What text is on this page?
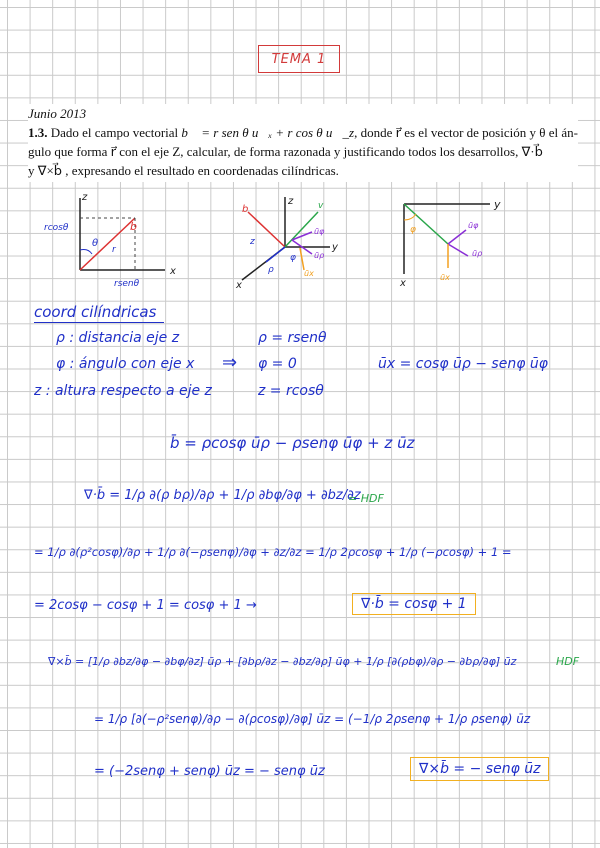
TEMA 1
Junio 2013
1.3. Dado el campo vectorial b⃗ = r sen θ u⃗ₓ + r cos θ u⃗_z, donde r⃗ es el vector de posición y θ el án-
gulo que forma r⃗ con el eje Z, calcular, de forma razonada y justificando todos los desarrollos, ∇·b⃗
y ∇×b⃗ , expresando el resultado en coordenadas cilíndricas.
z
x
rcosθ
rsenθ
b
θ
r
z
y
x
b
z
v
ρ
φ
ūφ
ūρ
ūx
y
x
φ	ūφ
ūρ
ūx
coord cilíndricas
ρ : distancia eje z
φ : ángulo con eje x
z : altura respecto a eje z
⇒
ρ = rsenθ
φ = 0
z = rcosθ
ūx = cosφ ūρ − senφ ūφ
b̄ = ρcosφ ūρ − ρsenφ ūφ + z ūz
∇·b̄ = 1/ρ ∂(ρ bρ)/∂ρ + 1/ρ ∂bφ/∂φ + ∂bz/∂z
= HDF
= 1/ρ ∂(ρ²cosφ)/∂ρ + 1/ρ ∂(−ρsenφ)/∂φ + ∂z/∂z = 1/ρ 2ρcosφ + 1/ρ (−ρcosφ) + 1 =
= 2cosφ − cosφ + 1 = cosφ + 1 →	∇·b̄ = cosφ + 1
∇×b̄ = [1/ρ ∂bz/∂φ − ∂bφ/∂z] ūρ + [∂bρ/∂z − ∂bz/∂ρ] ūφ + 1/ρ [∂(ρbφ)/∂ρ − ∂bρ/∂φ] ūz	HDF
= 1/ρ [∂(−ρ²senφ)/∂ρ − ∂(ρcosφ)/∂φ] ūz = (−1/ρ 2ρsenφ + 1/ρ ρsenφ) ūz
= (−2senφ + senφ) ūz = − senφ ūz	∇×b̄ = − senφ ūz
